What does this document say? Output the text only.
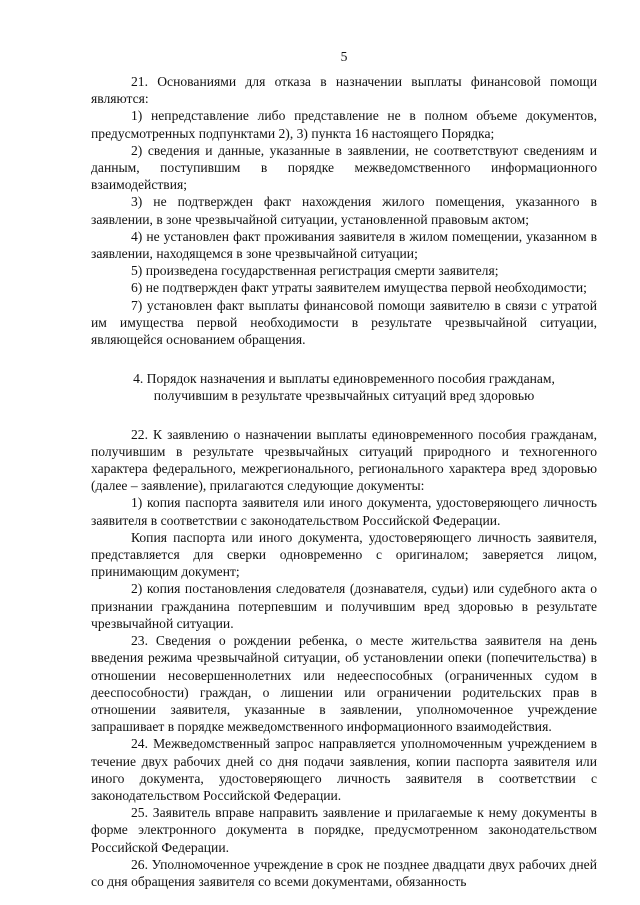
5

21. Основаниями для отказа в назначении выплаты финансовой помощи являются:

1) непредставление либо представление не в полном объеме документов, предусмотренных подпунктами 2), 3) пункта 16 настоящего Порядка;

2) сведения и данные, указанные в заявлении, не соответствуют сведениям и данным, поступившим в порядке межведомственного информационного взаимодействия;

3) не подтвержден факт нахождения жилого помещения, указанного в заявлении, в зоне чрезвычайной ситуации, установленной правовым актом;

4) не установлен факт проживания заявителя в жилом помещении, указанном в заявлении, находящемся в зоне чрезвычайной ситуации;

5) произведена государственная регистрация смерти заявителя;

6) не подтвержден факт утраты заявителем имущества первой необходимости;

7) установлен факт выплаты финансовой помощи заявителю в связи с утратой им имущества первой необходимости в результате чрезвычайной ситуации, являющейся основанием обращения.

4. Порядок назначения и выплаты единовременного пособия гражданам,
получившим в результате чрезвычайных ситуаций вред здоровью

22. К заявлению о назначении выплаты единовременного пособия гражданам, получившим в результате чрезвычайных ситуаций природного и техногенного характера федерального, межрегионального, регионального характера вред здоровью (далее – заявление), прилагаются следующие документы:

1) копия паспорта заявителя или иного документа, удостоверяющего личность заявителя в соответствии с законодательством Российской Федерации.

Копия паспорта или иного документа, удостоверяющего личность заявителя, представляется для сверки одновременно с оригиналом; заверяется лицом, принимающим документ;

2) копия постановления следователя (дознавателя, судьи) или судебного акта о признании гражданина потерпевшим и получившим вред здоровью в результате чрезвычайной ситуации.

23. Сведения о рождении ребенка, о месте жительства заявителя на день введения режима чрезвычайной ситуации, об установлении опеки (попечительства) в отношении несовершеннолетних или недееспособных (ограниченных судом в дееспособности) граждан, о лишении или ограничении родительских прав в отношении заявителя, указанные в заявлении, уполномоченное учреждение запрашивает в порядке межведомственного информационного взаимодействия.

24. Межведомственный запрос направляется уполномоченным учреждением в течение двух рабочих дней со дня подачи заявления, копии паспорта заявителя или иного документа, удостоверяющего личность заявителя в соответствии с законодательством Российской Федерации.

25. Заявитель вправе направить заявление и прилагаемые к нему документы в форме электронного документа в порядке, предусмотренном законодательством Российской Федерации.

26. Уполномоченное учреждение в срок не позднее двадцати двух рабочих дней со дня обращения заявителя со всеми документами, обязанность
